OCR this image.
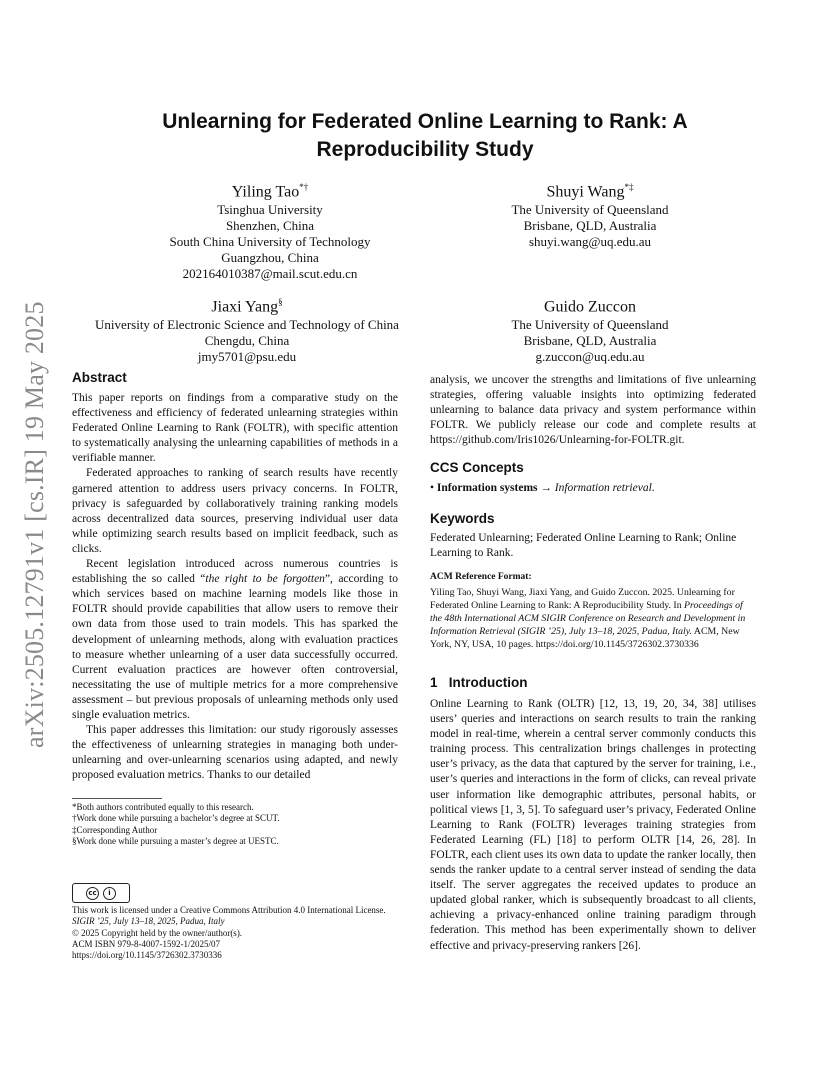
arXiv:2505.12791v1 [cs.IR] 19 May 2025
Unlearning for Federated Online Learning to Rank: A Reproducibility Study
Yiling Tao*†
Tsinghua University
Shenzhen, China
South China University of Technology
Guangzhou, China
202164010387@mail.scut.edu.cn
Shuyi Wang*‡
The University of Queensland
Brisbane, QLD, Australia
shuyi.wang@uq.edu.au
Jiaxi Yang§
University of Electronic Science and Technology of China
Chengdu, China
jmy5701@psu.edu
Guido Zuccon
The University of Queensland
Brisbane, QLD, Australia
g.zuccon@uq.edu.au
Abstract

This paper reports on findings from a comparative study on the effectiveness and efficiency of federated unlearning strategies within Federated Online Learning to Rank (FOLTR), with specific attention to systematically analysing the unlearning capabilities of methods in a verifiable manner.

Federated approaches to ranking of search results have recently garnered attention to address users privacy concerns. In FOLTR, privacy is safeguarded by collaboratively training ranking models across decentralized data sources, preserving individual user data while optimizing search results based on implicit feedback, such as clicks.

Recent legislation introduced across numerous countries is establishing the so called “the right to be forgotten”, according to which services based on machine learning models like those in FOLTR should provide capabilities that allow users to remove their own data from those used to train models. This has sparked the development of unlearning methods, along with evaluation practices to measure whether unlearning of a user data successfully occurred. Current evaluation practices are however often controversial, necessitating the use of multiple metrics for a more comprehensive assessment – but previous proposals of unlearning methods only used single evaluation metrics.

This paper addresses this limitation: our study rigorously assesses the effectiveness of unlearning strategies in managing both under-unlearning and over-unlearning scenarios using adapted, and newly proposed evaluation metrics. Thanks to our detailed

*Both authors contributed equally to this research.

†Work done while pursuing a bachelor’s degree at SCUT.

‡Corresponding Author

§Work done while pursuing a master’s degree at UESTC.

cc	i

This work is licensed under a Creative Commons Attribution 4.0 International License.

SIGIR ’25, July 13–18, 2025, Padua, Italy

© 2025 Copyright held by the owner/author(s).

ACM ISBN 979-8-4007-1592-1/2025/07

https://doi.org/10.1145/3726302.3730336

analysis, we uncover the strengths and limitations of five unlearning strategies, offering valuable insights into optimizing federated unlearning to balance data privacy and system performance within FOLTR. We publicly release our code and complete results at https://github.com/Iris1026/Unlearning-for-FOLTR.git.

CCS Concepts
• Information systems → Information retrieval.
Keywords
Federated Unlearning; Federated Online Learning to Rank; Online Learning to Rank.
ACM Reference Format:
Yiling Tao, Shuyi Wang, Jiaxi Yang, and Guido Zuccon. 2025. Unlearning for Federated Online Learning to Rank: A Reproducibility Study. In Proceedings of the 48th International ACM SIGIR Conference on Research and Development in Information Retrieval (SIGIR ’25), July 13–18, 2025, Padua, Italy. ACM, New York, NY, USA, 10 pages. https://doi.org/10.1145/3726302.3730336
1 Introduction

Online Learning to Rank (OLTR) [12, 13, 19, 20, 34, 38] utilises users’ queries and interactions on search results to train the ranking model in real-time, wherein a central server commonly conducts this training process. This centralization brings challenges in protecting user’s privacy, as the data that captured by the server for training, i.e., user’s queries and interactions in the form of clicks, can reveal private user information like demographic attributes, personal habits, or political views [1, 3, 5]. To safeguard user’s privacy, Federated Online Learning to Rank (FOLTR) leverages training strategies from Federated Learning (FL) [18] to perform OLTR [14, 26, 28]. In FOLTR, each client uses its own data to update the ranker locally, then sends the ranker update to a central server instead of sending the data itself. The server aggregates the received updates to produce an updated global ranker, which is subsequently broadcast to all clients, achieving a privacy-enhanced online training paradigm through federation. This method has been experimentally shown to deliver effective and privacy-preserving rankers [26].
